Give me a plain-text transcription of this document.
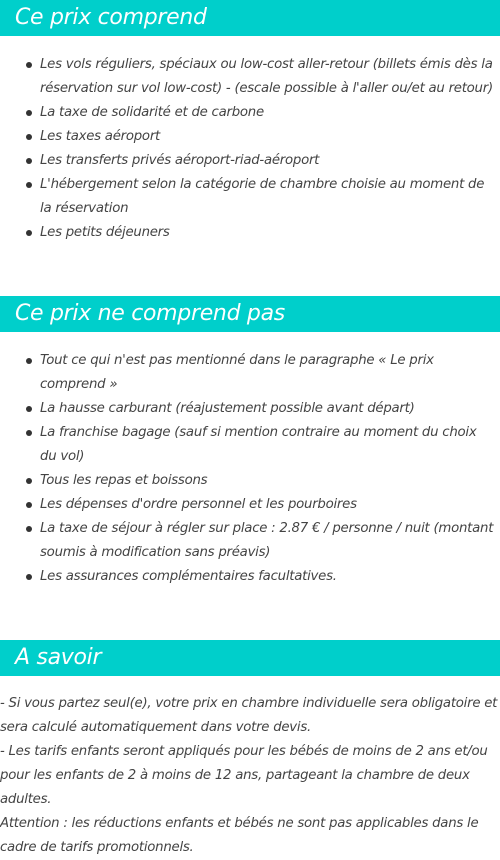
Ce prix comprend
Les vols réguliers, spéciaux ou low-cost aller-retour (billets émis dès la réservation sur vol low-cost) - (escale possible à l'aller ou/et au retour)
La taxe de solidarité et de carbone
Les taxes aéroport
Les transferts privés aéroport-riad-aéroport
L'hébergement selon la catégorie de chambre choisie au moment de la réservation
Les petits déjeuners
Ce prix ne comprend pas
Tout ce qui n'est pas mentionné dans le paragraphe « Le prix comprend »
La hausse carburant (réajustement possible avant départ)
La franchise bagage (sauf si mention contraire au moment du choix du vol)
Tous les repas et boissons
Les dépenses d'ordre personnel et les pourboires
La taxe de séjour à régler sur place : 2.87 € / personne / nuit (montant soumis à modification sans préavis)
Les assurances complémentaires facultatives.
A savoir

- Si vous partez seul(e), votre prix en chambre individuelle sera obligatoire et sera calculé automatiquement dans votre devis.

- Les tarifs enfants seront appliqués pour les bébés de moins de 2 ans et/ou pour les enfants de 2 à moins de 12 ans, partageant la chambre de deux adultes.

Attention : les réductions enfants et bébés ne sont pas applicables dans le cadre de tarifs promotionnels.
